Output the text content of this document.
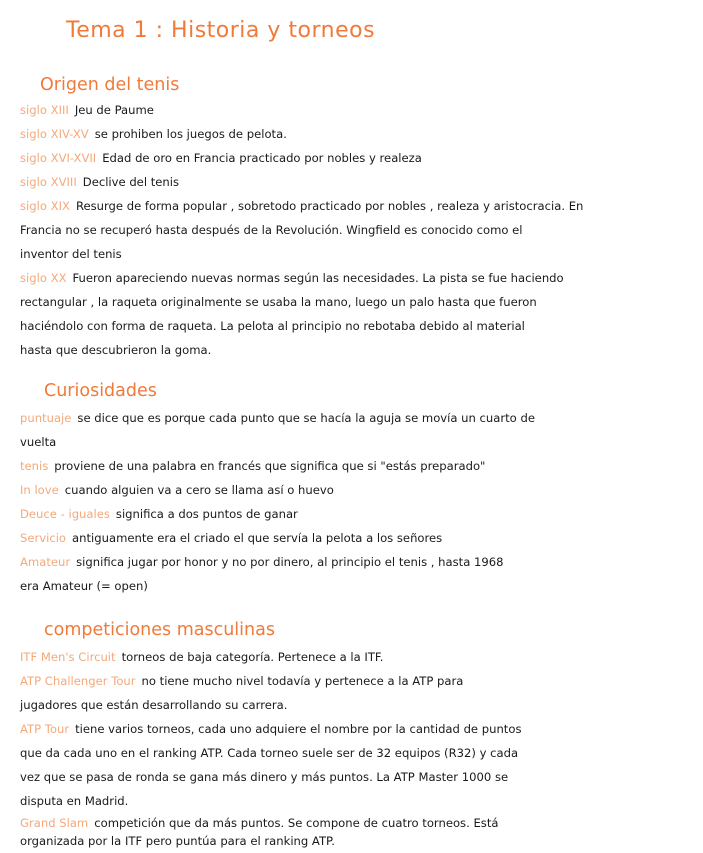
Tema 1 : Historia y torneos
Origen del tenis
siglo XIII Jeu de Paume
siglo XIV-XV se prohiben los juegos de pelota.
siglo XVI-XVII Edad de oro en Francia practicado por nobles y realeza
siglo XVIII Declive del tenis
siglo XIX Resurge de forma popular , sobretodo practicado por nobles , realeza y aristocracia. En
Francia no se recuperó hasta después de la Revolución. Wingfield es conocido como el
inventor del tenis
siglo XX Fueron apareciendo nuevas normas según las necesidades. La pista se fue haciendo
rectangular , la raqueta originalmente se usaba la mano, luego un palo hasta que fueron
haciéndolo con forma de raqueta. La pelota al principio no rebotaba debido al material
hasta que descubrieron la goma.
Curiosidades
puntuaje se dice que es porque cada punto que se hacía la aguja se movía un cuarto de
vuelta
tenis proviene de una palabra en francés que significa que si "estás preparado"
In love cuando alguien va a cero se llama así o huevo
Deuce - iguales significa a dos puntos de ganar
Servicio antiguamente era el criado el que servía la pelota a los señores
Amateur significa jugar por honor y no por dinero, al principio el tenis , hasta 1968
era Amateur (= open)
competiciones masculinas
ITF Men's Circuit torneos de baja categoría. Pertenece a la ITF.
ATP Challenger Tour no tiene mucho nivel todavía y pertenece a la ATP para
jugadores que están desarrollando su carrera.
ATP Tour tiene varios torneos, cada uno adquiere el nombre por la cantidad de puntos
que da cada uno en el ranking ATP. Cada torneo suele ser de 32 equipos (R32) y cada
vez que se pasa de ronda se gana más dinero y más puntos. La ATP Master 1000 se
disputa en Madrid.
Grand Slam competición que da más puntos. Se compone de cuatro torneos. Está
organizada por la ITF pero puntúa para el ranking ATP.
